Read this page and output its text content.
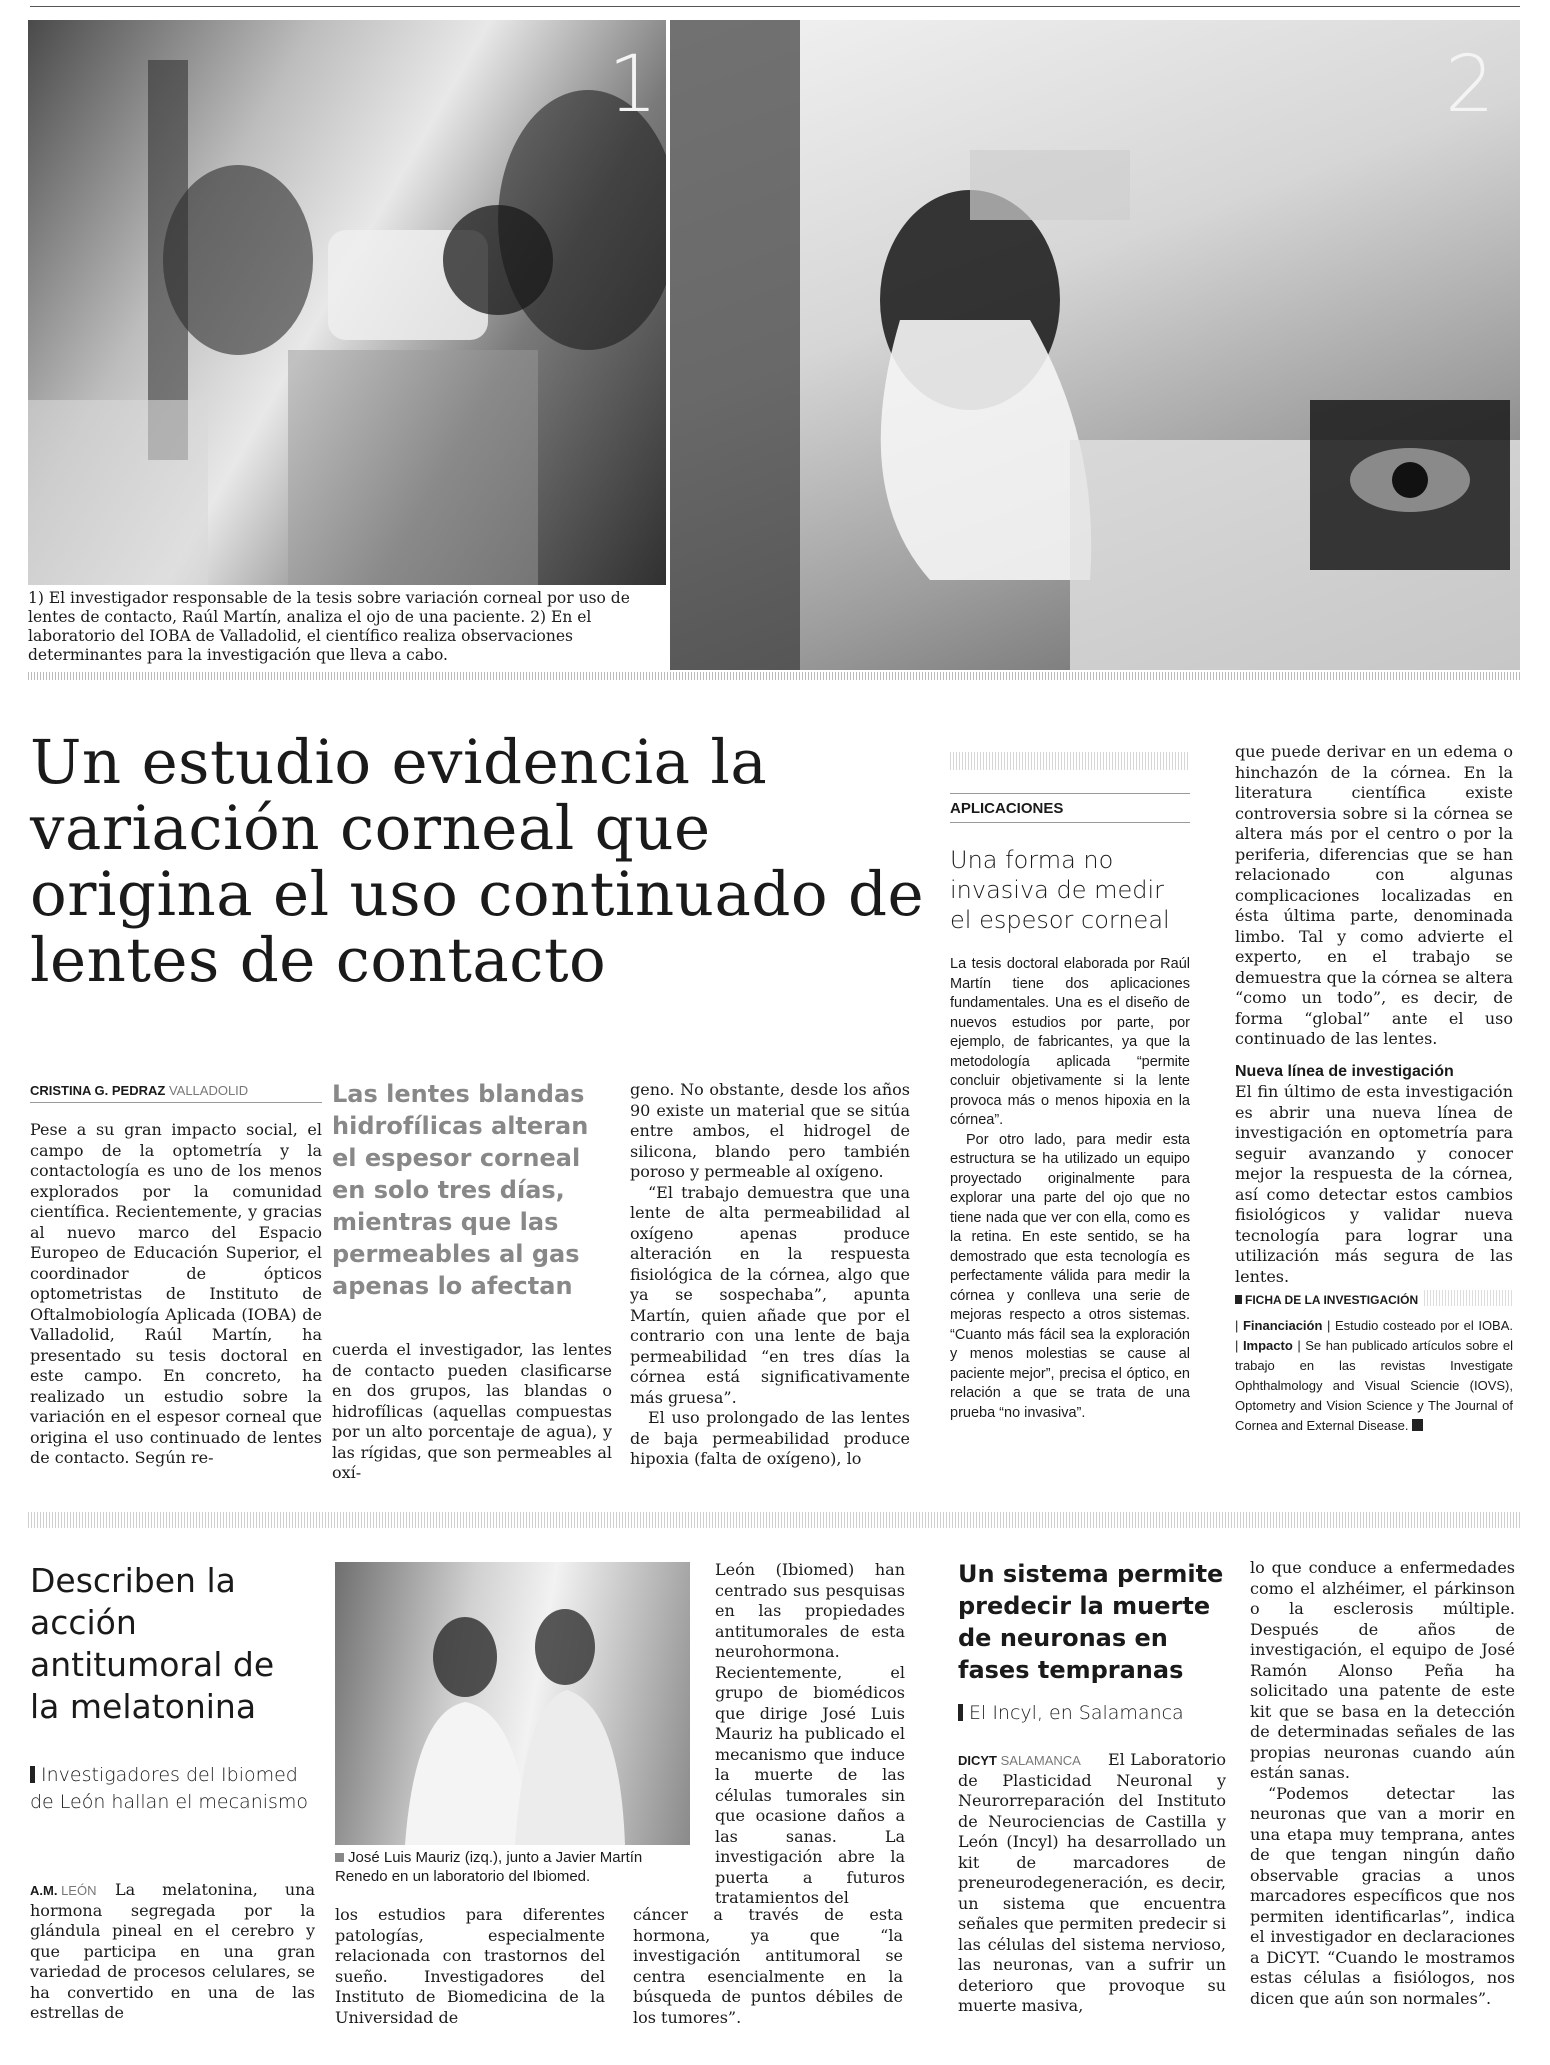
1
1) El investigador responsable de la tesis sobre variación corneal por uso de lentes de contacto, Raúl Martín, analiza el ojo de una paciente. 2) En el laboratorio del IOBA de Valladolid, el científico realiza observaciones determinantes para la investigación que lleva a cabo.
2
Un estudio evidencia la variación corneal que origina el uso continuado de lentes de contacto
CRISTINA G. PEDRAZ VALLADOLID

Pese a su gran impacto social, el campo de la optometría y la contactología es uno de los menos explorados por la comunidad científica. Recientemente, y gracias al nuevo marco del Espacio Europeo de Educación Superior, el coordinador de ópticos optometristas de Instituto de Oftalmobiología Aplicada (IOBA) de Valladolid, Raúl Martín, ha presentado su tesis doctoral en este campo. En concreto, ha realizado un estudio sobre la variación en el espesor corneal que origina el uso continuado de lentes de contacto. Según re-

Las lentes blandas hidrofílicas alteran el espesor corneal en solo tres días, mientras que las permeables al gas apenas lo afectan

cuerda el investigador, las lentes de contacto pueden clasificarse en dos grupos, las blandas o hidrofílicas (aquellas compuestas por un alto porcentaje de agua), y las rígidas, que son permeables al oxí-

geno. No obstante, desde los años 90 existe un material que se sitúa entre ambos, el hidrogel de silicona, blando pero también poroso y permeable al oxígeno.

“El trabajo demuestra que una lente de alta permeabilidad al oxígeno apenas produce alteración en la respuesta fisiológica de la córnea, algo que ya se sospechaba”, apunta Martín, quien añade que por el contrario con una lente de baja permeabilidad “en tres días la córnea está significativamente más gruesa”.

El uso prolongado de las lentes de baja permeabilidad produce hipoxia (falta de oxígeno), lo

APLICACIONES
Una forma no invasiva de medir el espesor corneal

La tesis doctoral elaborada por Raúl Martín tiene dos aplicaciones fundamentales. Una es el diseño de nuevos estudios por parte, por ejemplo, de fabricantes, ya que la metodología aplicada “permite concluir objetivamente si la lente provoca más o menos hipoxia en la córnea”.

Por otro lado, para medir esta estructura se ha utilizado un equipo proyectado originalmente para explorar una parte del ojo que no tiene nada que ver con ella, como es la retina. En este sentido, se ha demostrado que esta tecnología es perfectamente válida para medir la córnea y conlleva una serie de mejoras respecto a otros sistemas. “Cuanto más fácil sea la exploración y menos molestias se cause al paciente mejor”, precisa el óptico, en relación a que se trata de una prueba “no invasiva”.

que puede derivar en un edema o hinchazón de la córnea. En la literatura científica existe controversia sobre si la córnea se altera más por el centro o por la periferia, diferencias que se han relacionado con algunas complicaciones localizadas en ésta última parte, denominada limbo. Tal y como advierte el experto, en el trabajo se demuestra que la córnea se altera “como un todo”, es decir, de forma “global” ante el uso continuado de las lentes.

Nueva línea de investigación

El fin último de esta investigación es abrir una nueva línea de investigación en optometría para seguir avanzando y conocer mejor la respuesta de la córnea, así como detectar estos cambios fisiológicos y validar nueva tecnología para lograr una utilización más segura de las lentes.

FICHA DE LA INVESTIGACIÓN
| Financiación | Estudio costeado por el IOBA. | Impacto | Se han publicado artículos sobre el trabajo en las revistas Investigate Ophthalmology and Visual Sciencie (IOVS), Optometry and Vision Science y The Journal of Cornea and External Disease.
Describen la acción antitumoral de la melatonina
Investigadores del Ibiomed de León hallan el mecanismo
A.M. LEÓN	La melatonina, una hormona segregada por la glándula pineal en el cerebro y que participa en una gran variedad de procesos celulares, se ha convertido en una de las estrellas de

José Luis Mauriz (izq.), junto a Javier Martín Renedo en un laboratorio del Ibiomed.

los estudios para diferentes patologías, especialmente relacionada con trastornos del sueño. Investigadores del Instituto de Biomedicina de la Universidad de

León (Ibiomed) han centrado sus pesquisas en las propiedades antitumorales de esta neurohormona. Recientemente, el grupo de biomédicos que dirige José Luis Mauriz ha publicado el mecanismo que induce la muerte de las células tumorales sin que ocasione daños a las sanas. La investigación abre la puerta a futuros tratamientos del

cáncer a través de esta hormona, ya que “la investigación antitumoral se centra esencialmente en la búsqueda de puntos débiles de los tumores”.

Un sistema permite predecir la muerte de neuronas en fases tempranas
El Incyl, en Salamanca
DICYT SALAMANCA	El Laboratorio de Plasticidad Neuronal y Neurorreparación del Instituto de Neurociencias de Castilla y León (Incyl) ha desarrollado un kit de marcadores de preneurodegeneración, es decir, un sistema que encuentra señales que permiten predecir si las células del sistema nervioso, las neuronas, van a sufrir un deterioro que provoque su muerte masiva,

lo que conduce a enfermedades como el alzhéimer, el párkinson o la esclerosis múltiple. Después de años de investigación, el equipo de José Ramón Alonso Peña ha solicitado una patente de este kit que se basa en la detección de determinadas señales de las propias neuronas cuando aún están sanas.

“Podemos detectar las neuronas que van a morir en una etapa muy temprana, antes de que tengan ningún daño observable gracias a unos marcadores específicos que nos permiten identificarlas”, indica el investigador en declaraciones a DiCYT. “Cuando le mostramos estas células a fisiólogos, nos dicen que aún son normales”.
